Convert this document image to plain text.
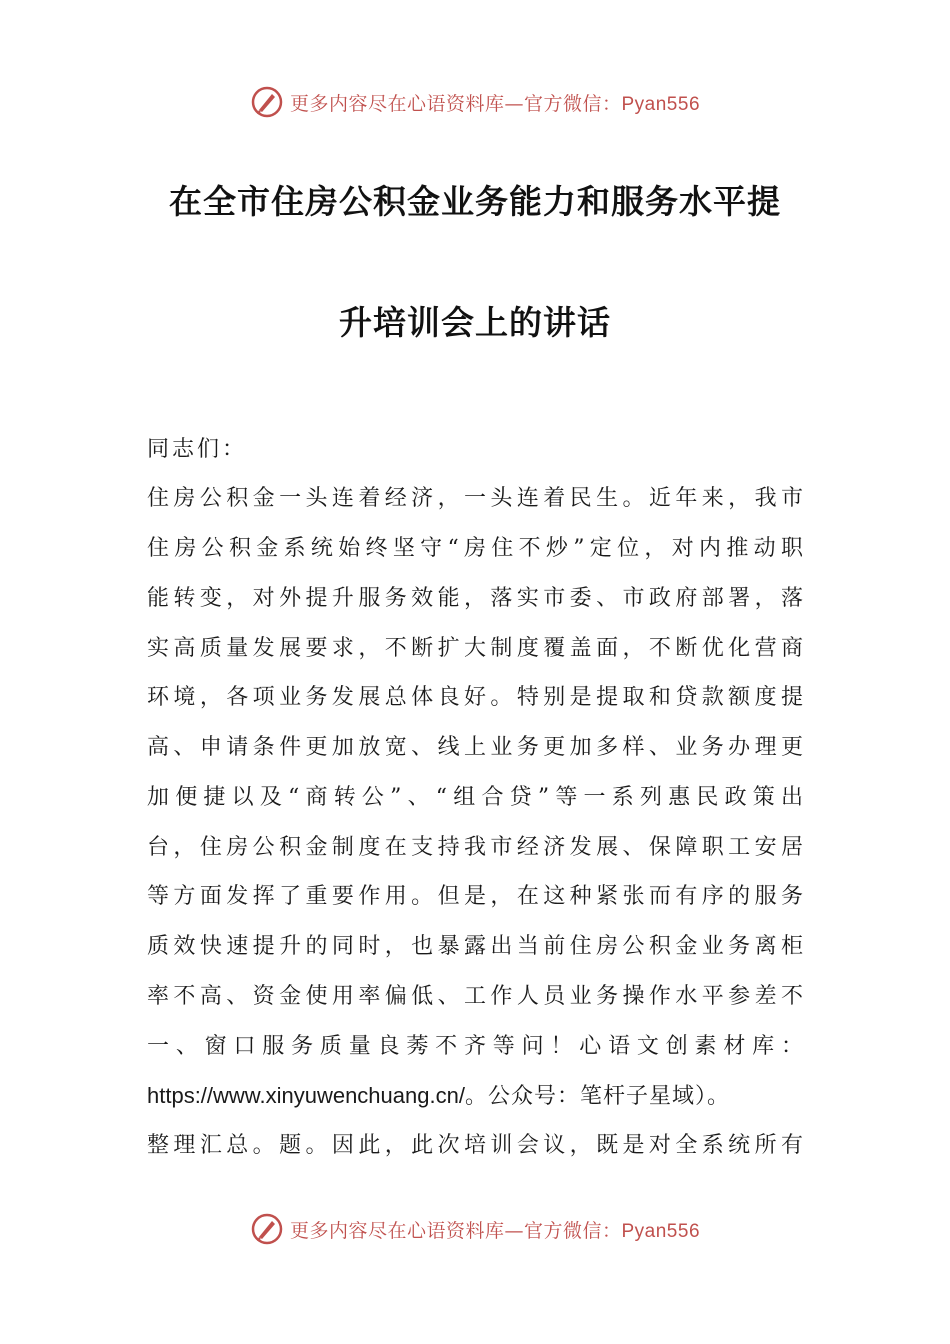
更多内容尽在心语资料库—官方微信：Pyan556
在全市住房公积金业务能力和服务水平提
升培训会上的讲话
同志们：
住房公积金一头连着经济，一头连着民生。近年来，我市
住房公积金系统始终坚守“房住不炒”定位，对内推动职
能转变，对外提升服务效能，落实市委、市政府部署，落
实高质量发展要求，不断扩大制度覆盖面，不断优化营商
环境，各项业务发展总体良好。特别是提取和贷款额度提
高、申请条件更加放宽、线上业务更加多样、业务办理更
加便捷以及“商转公”、“组合贷”等一系列惠民政策出
台，住房公积金制度在支持我市经济发展、保障职工安居
等方面发挥了重要作用。但是，在这种紧张而有序的服务
质效快速提升的同时，也暴露出当前住房公积金业务离柜
率不高、资金使用率偏低、工作人员业务操作水平参差不
一、窗口服务质量良莠不齐等问！心语文创素材库：
https://www.xinyuwenchuang.cn/。公众号：笔杆子星域）。
整理汇总。题。因此，此次培训会议，既是对全系统所有
更多内容尽在心语资料库—官方微信：Pyan556
